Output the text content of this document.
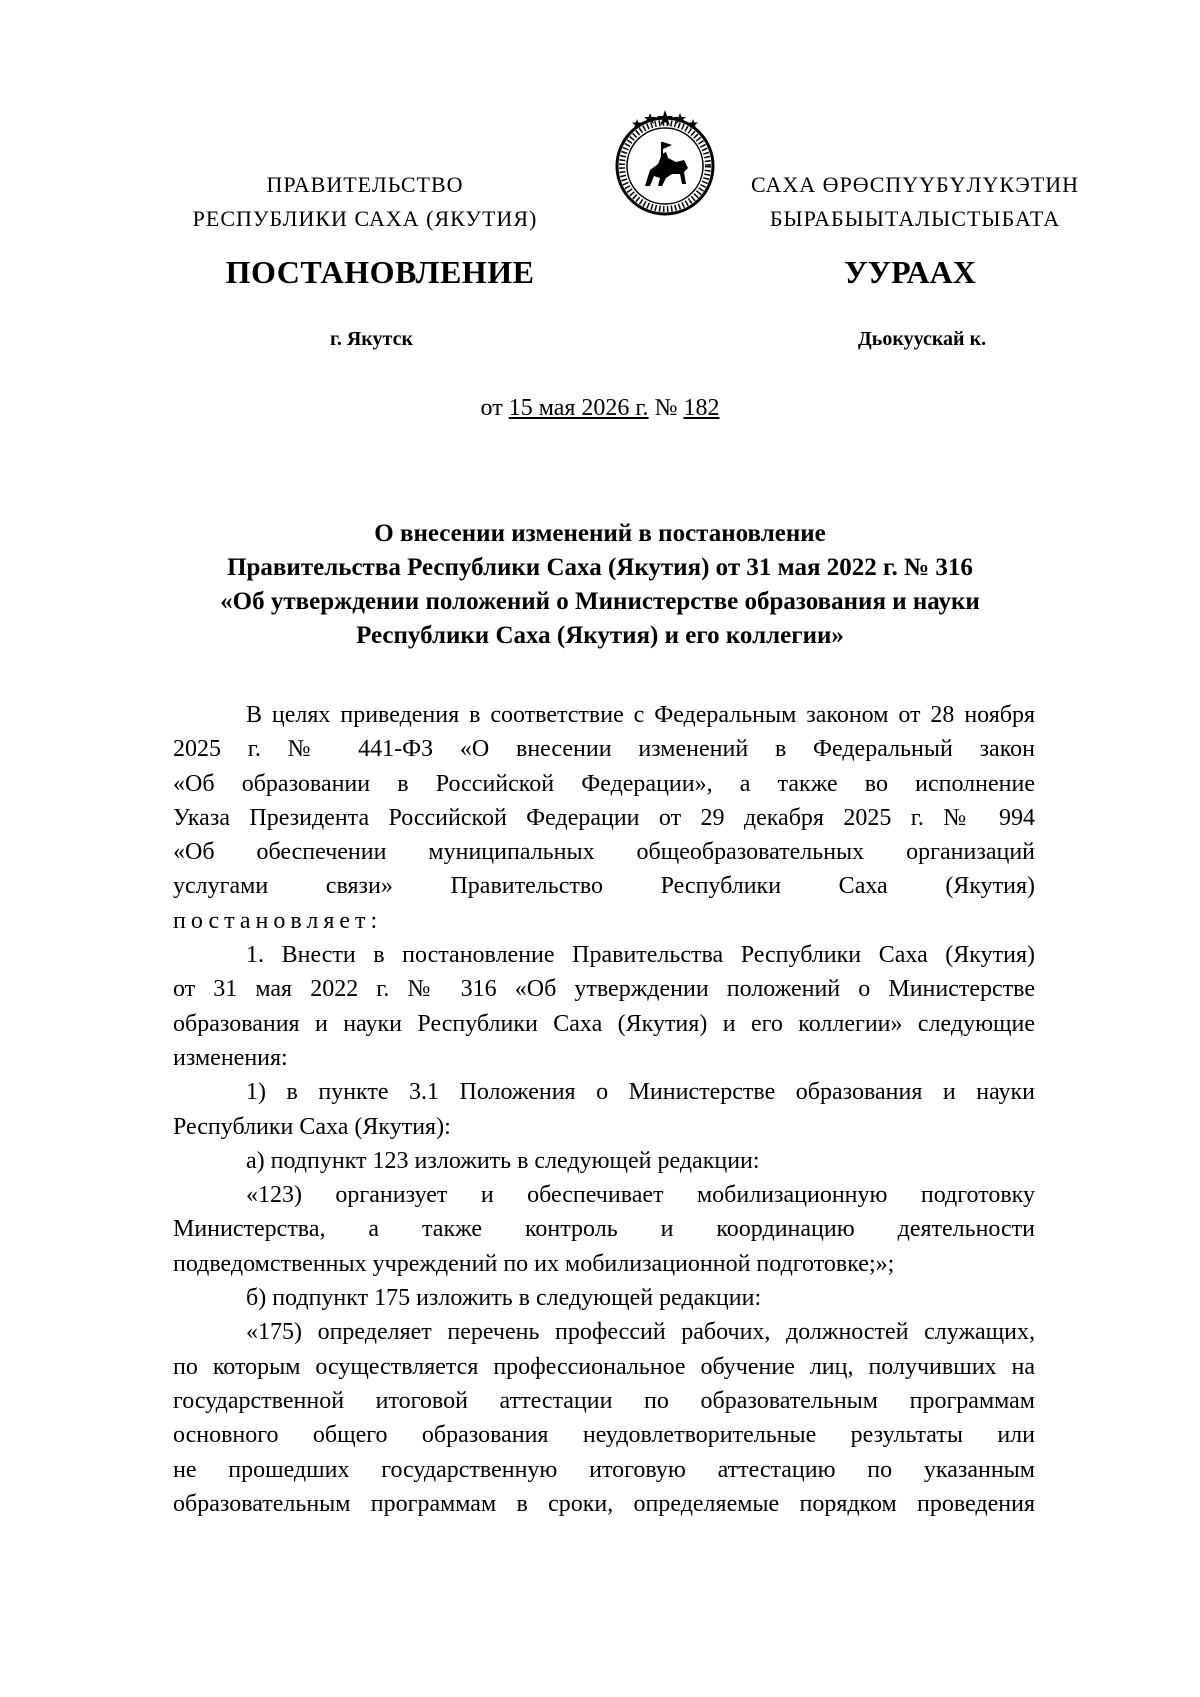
ПРАВИТЕЛЬСТВО
РЕСПУБЛИКИ САХА (ЯКУТИЯ)
САХА ӨРӨСПҮҮБҮЛҮКЭТИН
БЫРАБЫЫТАЛЫСТЫБАТА
ПОСТАНОВЛЕНИЕ	УУРААХ
г. Якутск	Дьокуускай к.
от 15 мая 2026 г. № 182
О внесении изменений в постановление
Правительства Республики Саха (Якутия) от 31 мая 2022 г. № 316
«Об утверждении положений о Министерстве образования и науки
Республики Саха (Якутия) и его коллегии»

В целях приведения в соответствие с Федеральным законом от 28 ноября

2025 г. № 441-ФЗ «О внесении изменений в Федеральный закон

«Об образовании в Российской Федерации», а также во исполнение

Указа Президента Российской Федерации от 29 декабря 2025 г. № 994

«Об обеспечении муниципальных общеобразовательных организаций

услугами связи» Правительство Республики Саха (Якутия)

постановляет:

1. Внести в постановление Правительства Республики Саха (Якутия)

от 31 мая 2022 г. № 316 «Об утверждении положений о Министерстве

образования и науки Республики Саха (Якутия) и его коллегии» следующие

изменения:

1) в пункте 3.1 Положения о Министерстве образования и науки

Республики Саха (Якутия):

а) подпункт 123 изложить в следующей редакции:

«123) организует и обеспечивает мобилизационную подготовку

Министерства, а также контроль и координацию деятельности

подведомственных учреждений по их мобилизационной подготовке;»;

б) подпункт 175 изложить в следующей редакции:

«175) определяет перечень профессий рабочих, должностей служащих,

по которым осуществляется профессиональное обучение лиц, получивших на

государственной итоговой аттестации по образовательным программам

основного общего образования неудовлетворительные результаты или

не прошедших государственную итоговую аттестацию по указанным

образовательным программам в сроки, определяемые порядком проведения
